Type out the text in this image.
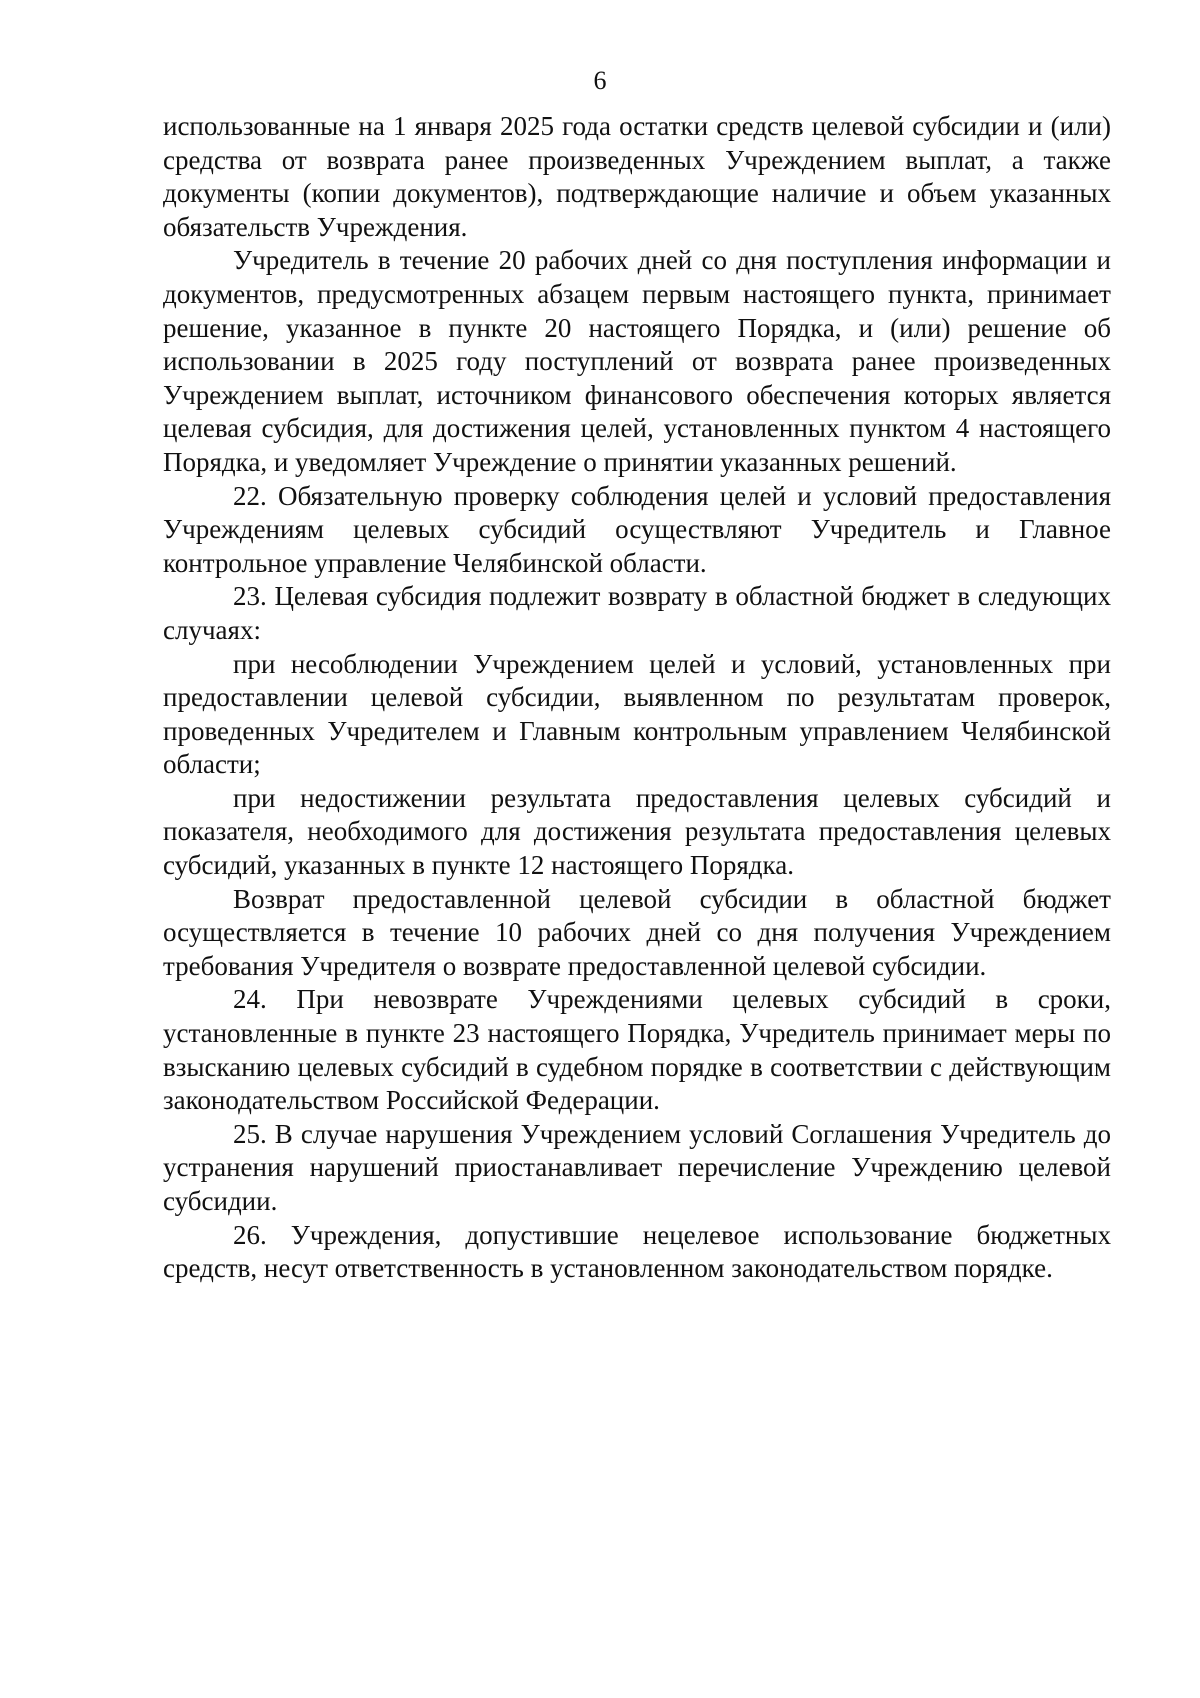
6

использованные на 1 января 2025 года остатки средств целевой субсидии и (или) средства от возврата ранее произведенных Учреждением выплат, а также документы (копии документов), подтверждающие наличие и объем указанных обязательств Учреждения.

Учредитель в течение 20 рабочих дней со дня поступления информации и документов, предусмотренных абзацем первым настоящего пункта, принимает решение, указанное в пункте 20 настоящего Порядка, и (или) решение об использовании в 2025 году поступлений от возврата ранее произведенных Учреждением выплат, источником финансового обеспечения которых является целевая субсидия, для достижения целей, установленных пунктом 4 настоящего Порядка, и уведомляет Учреждение о принятии указанных решений.

22. Обязательную проверку соблюдения целей и условий предоставления Учреждениям целевых субсидий осуществляют Учредитель и Главное контрольное управление Челябинской области.

23. Целевая субсидия подлежит возврату в областной бюджет в следующих случаях:

при несоблюдении Учреждением целей и условий, установленных при предоставлении целевой субсидии, выявленном по результатам проверок, проведенных Учредителем и Главным контрольным управлением Челябинской области;

при недостижении результата предоставления целевых субсидий и показателя, необходимого для достижения результата предоставления целевых субсидий, указанных в пункте 12 настоящего Порядка.

Возврат предоставленной целевой субсидии в областной бюджет осуществляется в течение 10 рабочих дней со дня получения Учреждением требования Учредителя о возврате предоставленной целевой субсидии.

24. При невозврате Учреждениями целевых субсидий в сроки, установленные в пункте 23 настоящего Порядка, Учредитель принимает меры по взысканию целевых субсидий в судебном порядке в соответствии с действующим законодательством Российской Федерации.

25. В случае нарушения Учреждением условий Соглашения Учредитель до устранения нарушений приостанавливает перечисление Учреждению целевой субсидии.

26. Учреждения, допустившие нецелевое использование бюджетных средств, несут ответственность в установленном законодательством порядке.
